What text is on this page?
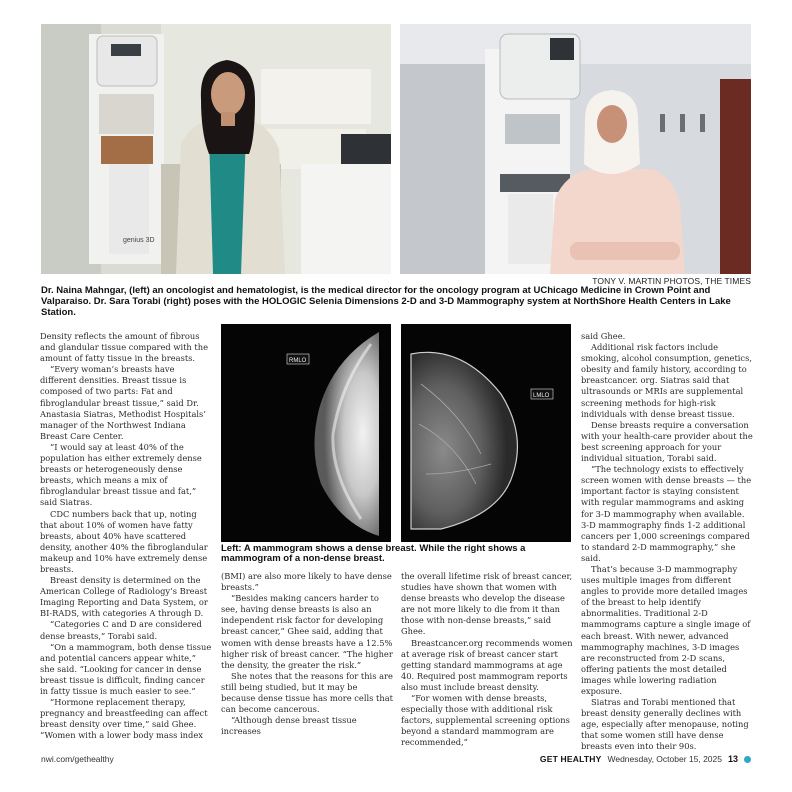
genius 3D
TONY V. MARTIN PHOTOS, THE TIMES
Dr. Naina Mahngar, (left) an oncologist and hematologist, is the medical director for the oncology program at UChicago Medicine in Crown Point and Valparaiso. Dr. Sara Torabi (right) poses with the HOLOGIC Selenia Dimensions 2-D and 3-D Mammography system at NorthShore Health Centers in Lake Station.

Density reflects the amount of fibrous and glandular tissue compared with the amount of fatty tissue in the breasts.

“Every woman’s breasts have different densities. Breast tissue is composed of two parts: Fat and fibroglandular breast tissue,” said Dr. Anastasia Siatras, Methodist Hospitals’ manager of the Northwest Indiana Breast Care Center.

“I would say at least 40% of the population has either extremely dense breasts or heterogeneously dense breasts, which means a mix of fibroglandular breast tissue and fat,” said Siatras.

CDC numbers back that up, noting that about 10% of women have fatty breasts, about 40% have scattered density, another 40% the fibroglandular makeup and 10% have extremely dense breasts.

Breast density is determined on the American College of Radiology’s Breast Imaging Reporting and Data System, or BI-RADS, with categories A through D.

“Categories C and D are considered dense breasts,” Torabi said.

“On a mammogram, both dense tissue and potential cancers appear white,” she said. “Looking for cancer in dense breast tissue is difficult, finding cancer in fatty tissue is much easier to see.”

“Hormone replacement therapy, pregnancy and breastfeeding can affect breast density over time,” said Ghee. “Women with a lower body mass index

RMLO
LMLO
Left: A mammogram shows a dense breast. While the right shows a mammogram of a non-dense breast.

(BMI) are also more likely to have dense breasts.”

“Besides making cancers harder to see, having dense breasts is also an independent risk factor for developing breast cancer,” Ghee said, adding that women with dense breasts have a 12.5% higher risk of breast cancer. “The higher the density, the greater the risk.”

She notes that the reasons for this are still being studied, but it may be because dense tissue has more cells that can become cancerous.

“Although dense breast tissue increases

the overall lifetime risk of breast cancer, studies have shown that women with dense breasts who develop the disease are not more likely to die from it than those with non-dense breasts,” said Ghee.

Breastcancer.org recommends women at average risk of breast cancer start getting standard mammograms at age 40. Required post mammogram reports also must include breast density.

“For women with dense breasts, especially those with additional risk factors, supplemental screening options beyond a standard mammogram are recommended,”

said Ghee.

Additional risk factors include smoking, alcohol consumption, genetics, obesity and family history, according to breastcancer. org. Siatras said that ultrasounds or MRIs are supplemental screening methods for high-risk individuals with dense breast tissue.

Dense breasts require a conversation with your health-care provider about the best screening approach for your individual situation, Torabi said.

“The technology exists to effectively screen women with dense breasts — the important factor is staying consistent with regular mammograms and asking for 3-D mammography when available. 3-D mammography finds 1-2 additional cancers per 1,000 screenings compared to standard 2-D mammography,” she said.

That’s because 3-D mammography uses multiple images from different angles to provide more detailed images of the breast to help identify abnormalities. Traditional 2-D mammograms capture a single image of each breast. With newer, advanced mammography machines, 3-D images are reconstructed from 2-D scans, offering patients the most detailed images while lowering radiation exposure.

Siatras and Torabi mentioned that breast density generally declines with age, especially after menopause, noting that some women still have dense breasts even into their 90s.

nwi.com/gethealthy	GET HEALTHY Wednesday, October 15, 2025 13
